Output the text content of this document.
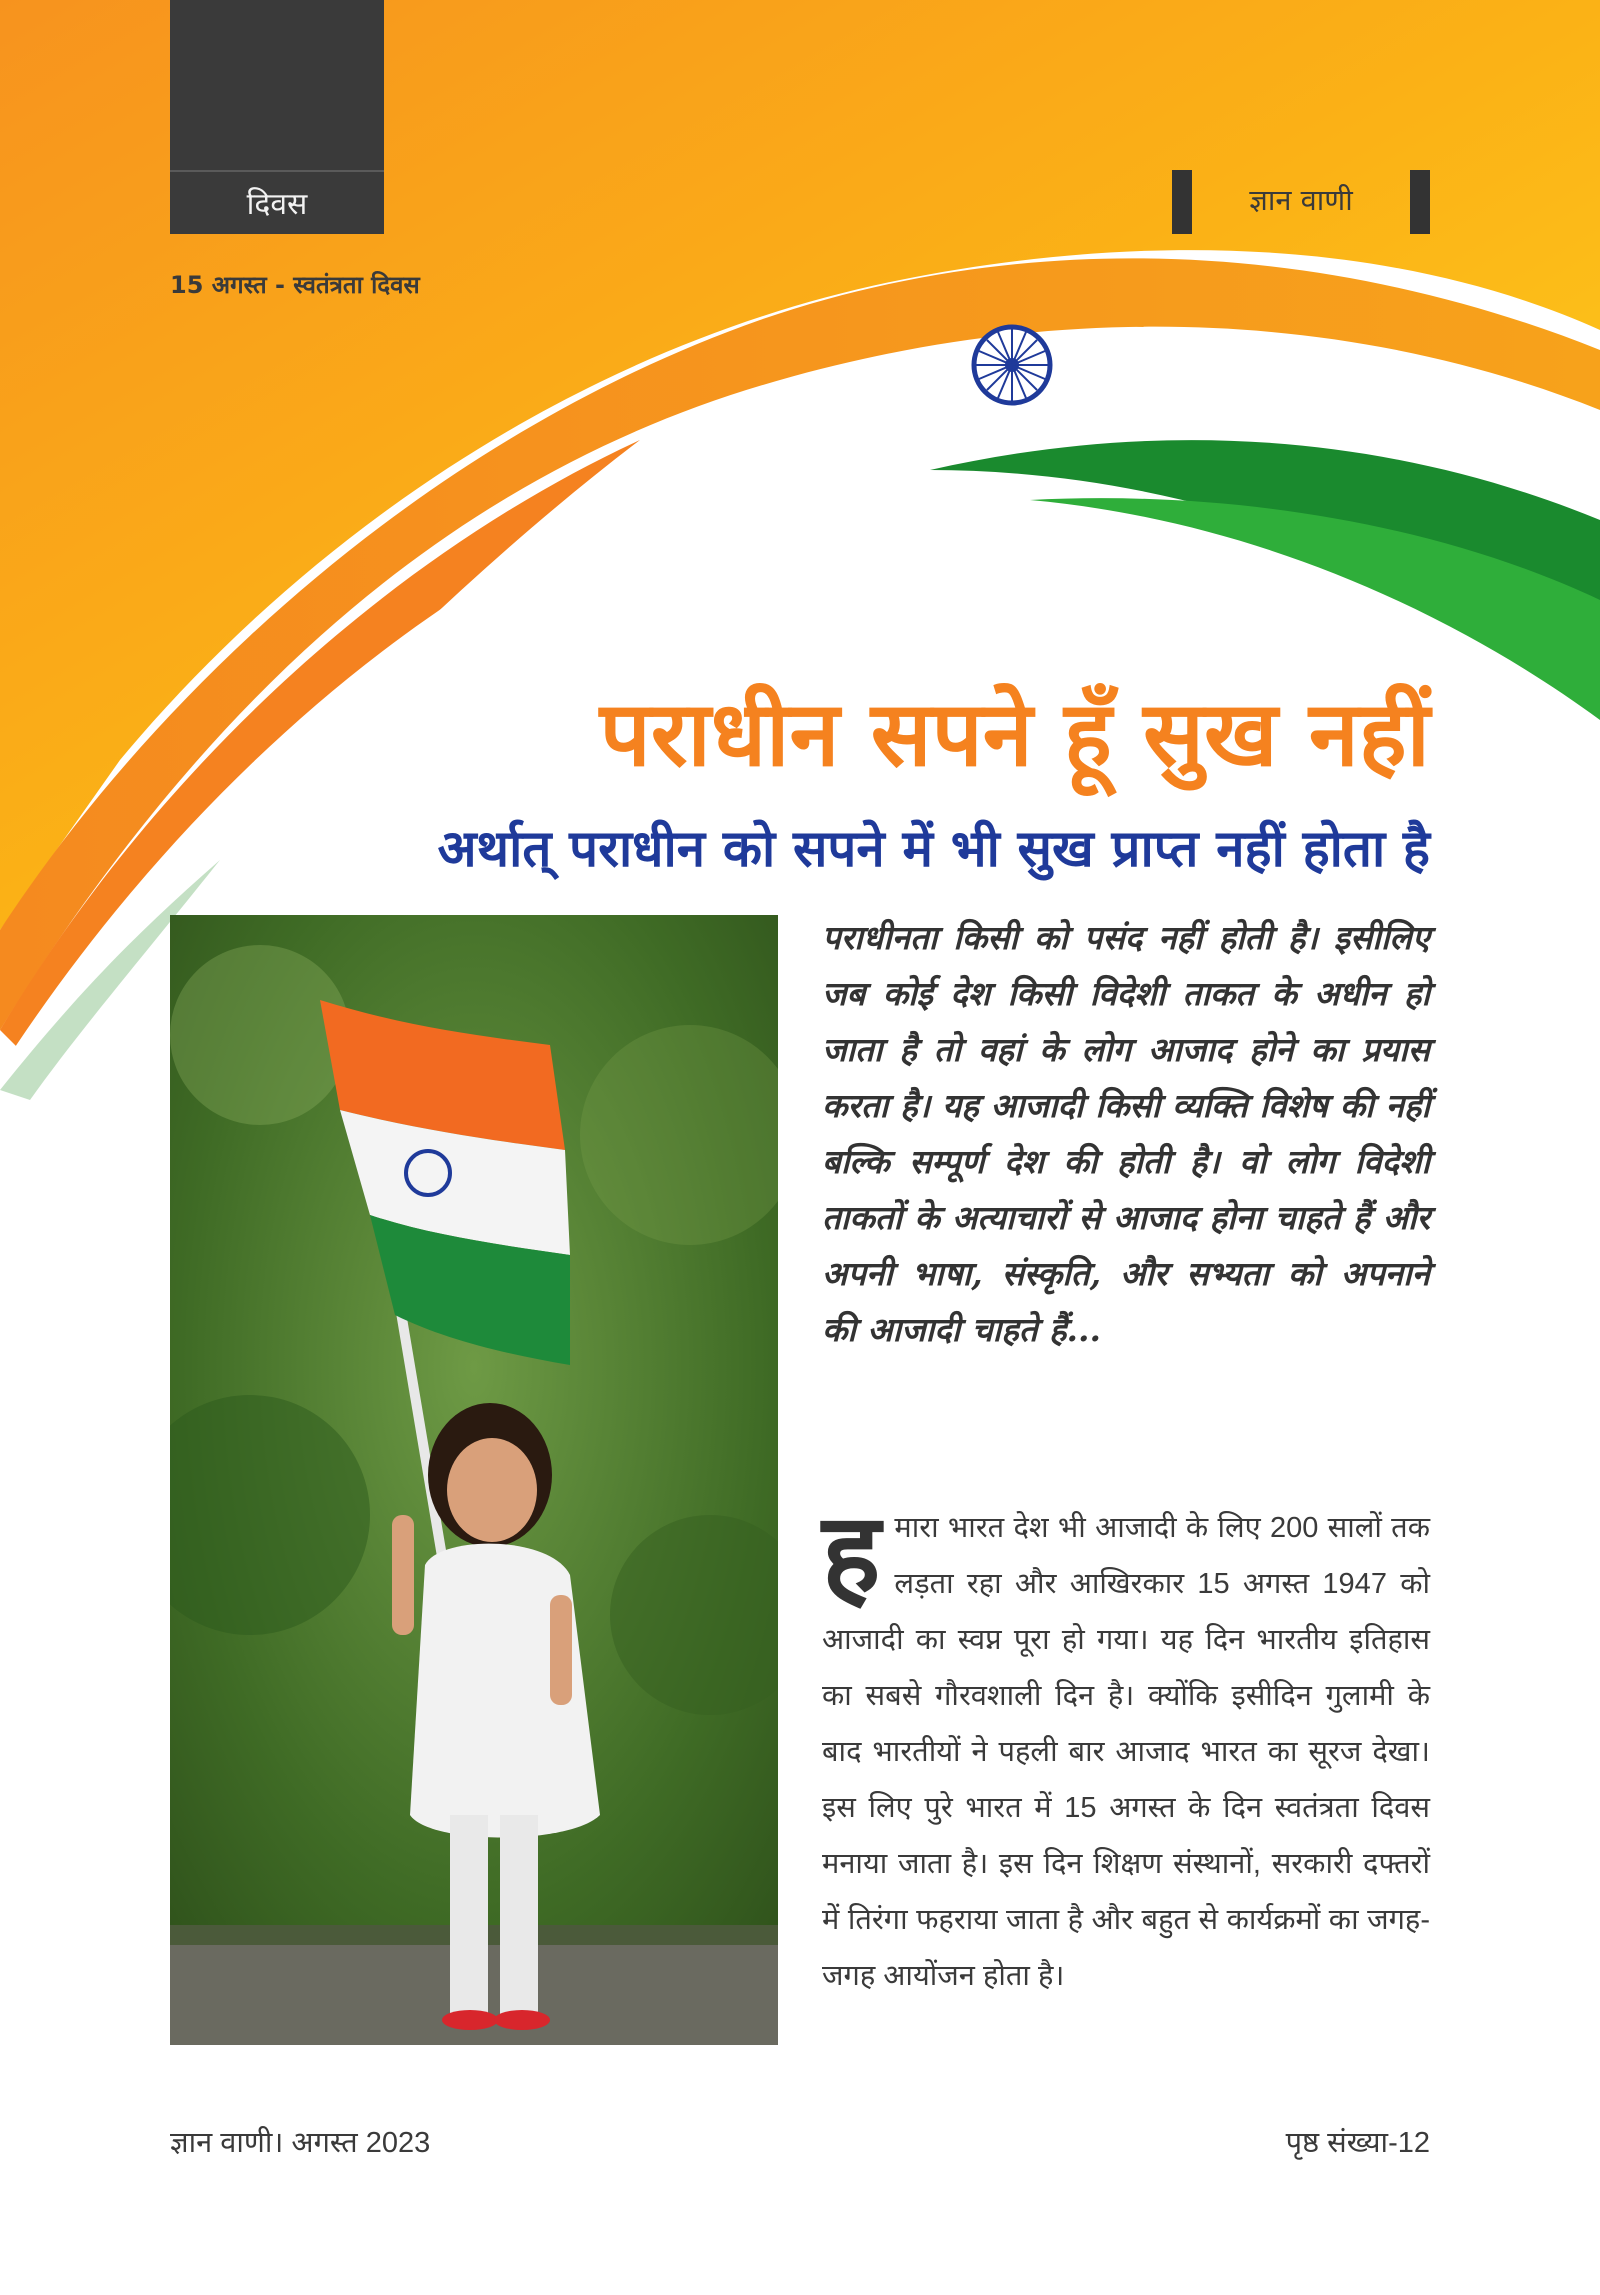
दिवस	ज्ञान वाणी
15 अगस्त - स्वतंत्रता दिवस
पराधीन सपने हूँ सुख नहीं
अर्थात् पराधीन को सपने में भी सुख प्राप्त नहीं होता है
पराधीनता किसी को पसंद नहीं होती है। इसीलिए जब कोई देश किसी विदेशी ताकत के अधीन हो जाता है तो वहां के लोग आजाद होने का प्रयास करता है। यह आजादी किसी व्यक्ति विशेष की नहीं बल्कि सम्पूर्ण देश की होती है। वो लोग विदेशी ताकतों के अत्याचारों से आजाद होना चाहते हैं और अपनी भाषा, संस्कृति, और सभ्यता को अपनाने की आजादी चाहते हैं...
ह मारा भारत देश भी आजादी के लिए 200 सालों तक लड़ता रहा और आखिरकार 15 अगस्त 1947 को आजादी का स्वप्न पूरा हो गया। यह दिन भारतीय इतिहास का सबसे गौरवशाली दिन है। क्योंकि इसीदिन गुलामी के बाद भारतीयों ने पहली बार आजाद भारत का सूरज देखा। इस लिए पुरे भारत में 15 अगस्त के दिन स्वतंत्रता दिवस मनाया जाता है। इस दिन शिक्षण संस्थानों, सरकारी दफ्तरों में तिरंगा फहराया जाता है और बहुत से कार्यक्रमों का जगह-जगह आयोंजन होता है।
ज्ञान वाणी। अगस्त 2023	पृष्ठ संख्या-12
